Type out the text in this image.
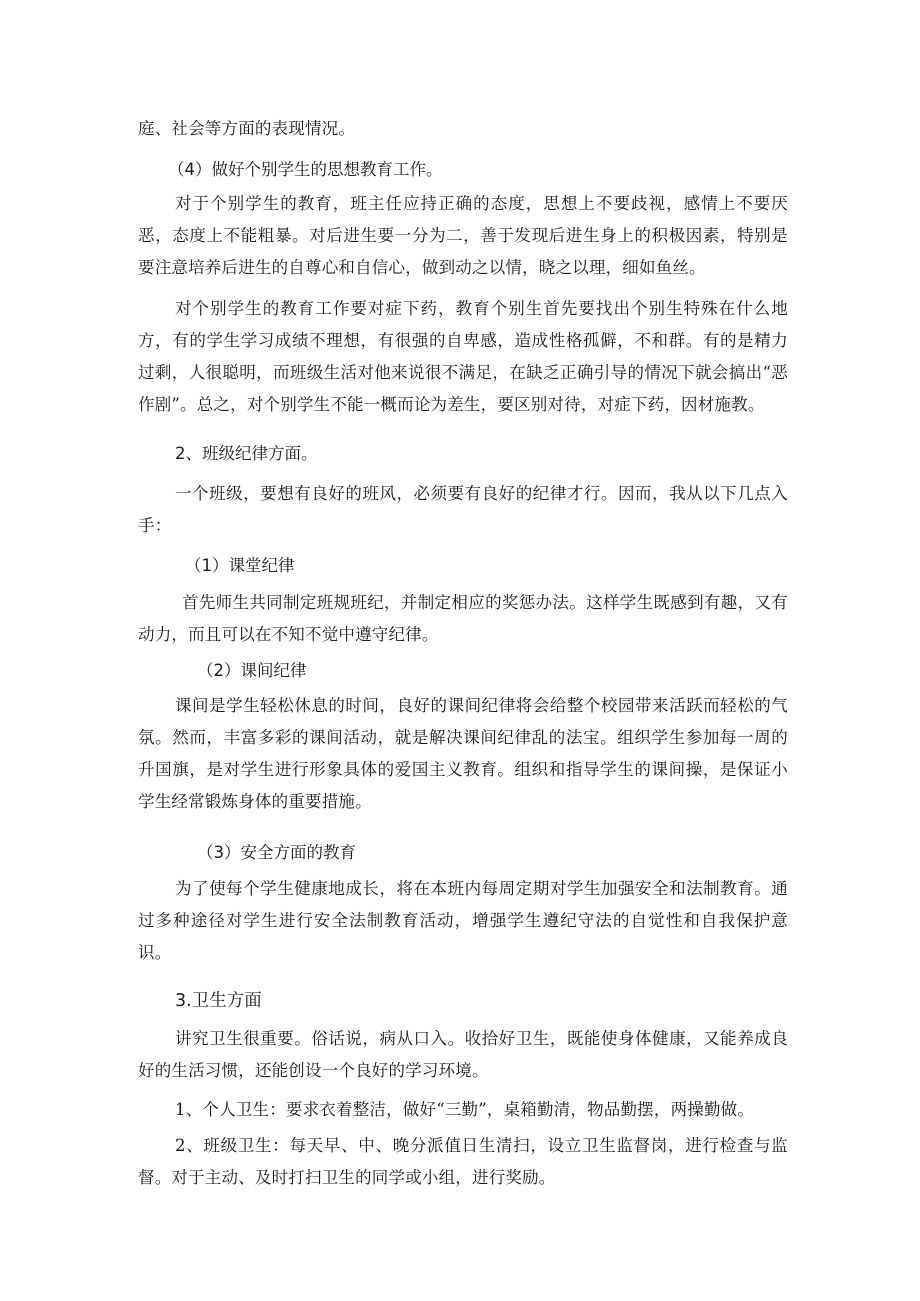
庭、社会等方面的表现情况。

（4）做好个别学生的思想教育工作。

对于个别学生的教育，班主任应持正确的态度，思想上不要歧视，感情上不要厌恶，态度上不能粗暴。对后进生要一分为二，善于发现后进生身上的积极因素，特别是要注意培养后进生的自尊心和自信心，做到动之以情，晓之以理，细如鱼丝。

对个别学生的教育工作要对症下药，教育个别生首先要找出个别生特殊在什么地方，有的学生学习成绩不理想，有很强的自卑感，造成性格孤僻，不和群。有的是精力过剩，人很聪明，而班级生活对他来说很不满足，在缺乏正确引导的情况下就会搞出“恶作剧”。总之，对个别学生不能一概而论为差生，要区别对待，对症下药，因材施教。

2、班级纪律方面。

一个班级，要想有良好的班风，必须要有良好的纪律才行。因而，我从以下几点入手：

（1）课堂纪律

首先师生共同制定班规班纪，并制定相应的奖惩办法。这样学生既感到有趣，又有动力，而且可以在不知不觉中遵守纪律。

（2）课间纪律

课间是学生轻松休息的时间，良好的课间纪律将会给整个校园带来活跃而轻松的气氛。然而，丰富多彩的课间活动，就是解决课间纪律乱的法宝。组织学生参加每一周的升国旗，是对学生进行形象具体的爱国主义教育。组织和指导学生的课间操，是保证小学生经常锻炼身体的重要措施。

（3）安全方面的教育

为了使每个学生健康地成长，将在本班内每周定期对学生加强安全和法制教育。通过多种途径对学生进行安全法制教育活动，增强学生遵纪守法的自觉性和自我保护意识。

3.卫生方面

讲究卫生很重要。俗话说，病从口入。收拾好卫生，既能使身体健康，又能养成良好的生活习惯，还能创设一个良好的学习环境。

1、个人卫生：要求衣着整洁，做好“三勤”，桌箱勤清，物品勤摆，两操勤做。

2、班级卫生：每天早、中、晚分派值日生清扫，设立卫生监督岗，进行检查与监督。对于主动、及时打扫卫生的同学或小组，进行奖励。
